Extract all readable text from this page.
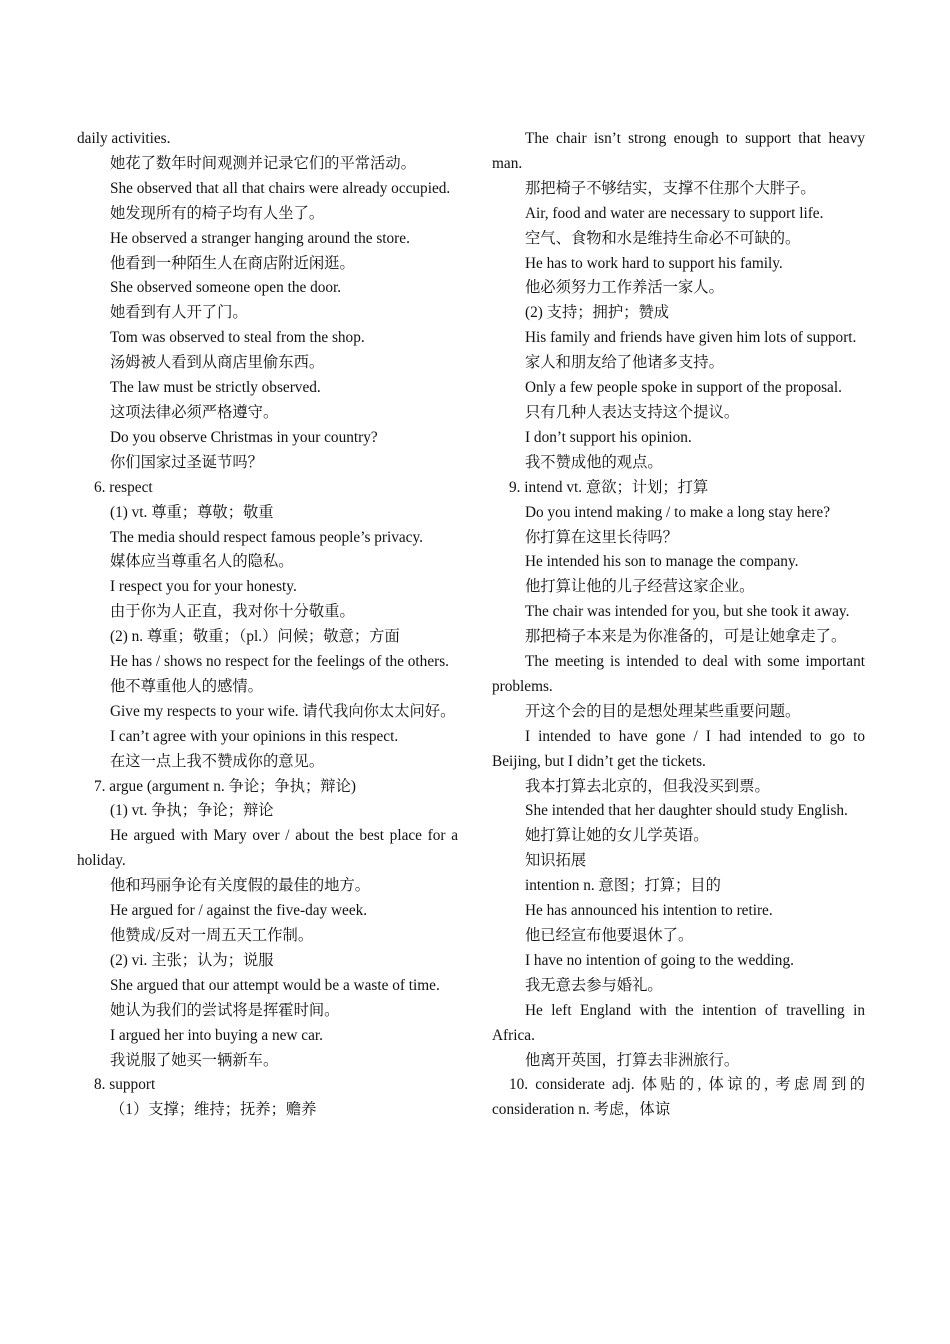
daily activities.

她花了数年时间观测并记录它们的平常活动。

She observed that all that chairs were already occupied.

她发现所有的椅子均有人坐了。

He observed a stranger hanging around the store.

他看到一种陌生人在商店附近闲逛。

She observed someone open the door.

她看到有人开了门。

Tom was observed to steal from the shop.

汤姆被人看到从商店里偷东西。

The law must be strictly observed.

这项法律必须严格遵守。

Do you observe Christmas in your country?

你们国家过圣诞节吗？

6. respect

(1) vt. 尊重；尊敬；敬重

The media should respect famous people’s privacy.

媒体应当尊重名人的隐私。

I respect you for your honesty.

由于你为人正直，我对你十分敬重。

(2) n. 尊重；敬重；（pl.）问候；敬意；方面

He has / shows no respect for the feelings of the others.

他不尊重他人的感情。

Give my respects to your wife. 请代我向你太太问好。

I can’t agree with your opinions in this respect.

在这一点上我不赞成你的意见。

7. argue (argument n. 争论；争执；辩论)

(1) vt. 争执；争论；辩论

He argued with Mary over / about the best place for a holiday.

他和玛丽争论有关度假的最佳的地方。

He argued for / against the five-day week.

他赞成/反对一周五天工作制。

(2) vi. 主张；认为；说服

She argued that our attempt would be a waste of time.

她认为我们的尝试将是挥霍时间。

I argued her into buying a new car.

我说服了她买一辆新车。

8. support

（1）支撑；维持；抚养；赡养

The chair isn’t strong enough to support that heavy man.

那把椅子不够结实，支撑不住那个大胖子。

Air, food and water are necessary to support life.

空气、食物和水是维持生命必不可缺的。

He has to work hard to support his family.

他必须努力工作养活一家人。

(2) 支持；拥护；赞成

His family and friends have given him lots of support.

家人和朋友给了他诸多支持。

Only a few people spoke in support of the proposal.

只有几种人表达支持这个提议。

I don’t support his opinion.

我不赞成他的观点。

9. intend vt. 意欲；计划；打算

Do you intend making / to make a long stay here?

你打算在这里长待吗？

He intended his son to manage the company.

他打算让他的儿子经营这家企业。

The chair was intended for you, but she took it away.

那把椅子本来是为你准备的，可是让她拿走了。

The meeting is intended to deal with some important problems.

开这个会的目的是想处理某些重要问题。

I intended to have gone / I had intended to go to Beijing, but I didn’t get the tickets.

我本打算去北京的，但我没买到票。

She intended that her daughter should study English.

她打算让她的女儿学英语。

知识拓展

intention n. 意图；打算；目的

He has announced his intention to retire.

他已经宣布他要退休了。

I have no intention of going to the wedding.

我无意去参与婚礼。

He left England with the intention of travelling in Africa.

他离开英国，打算去非洲旅行。

10. considerate adj. 体贴的, 体谅的, 考虑周到的 consideration n. 考虑，体谅
